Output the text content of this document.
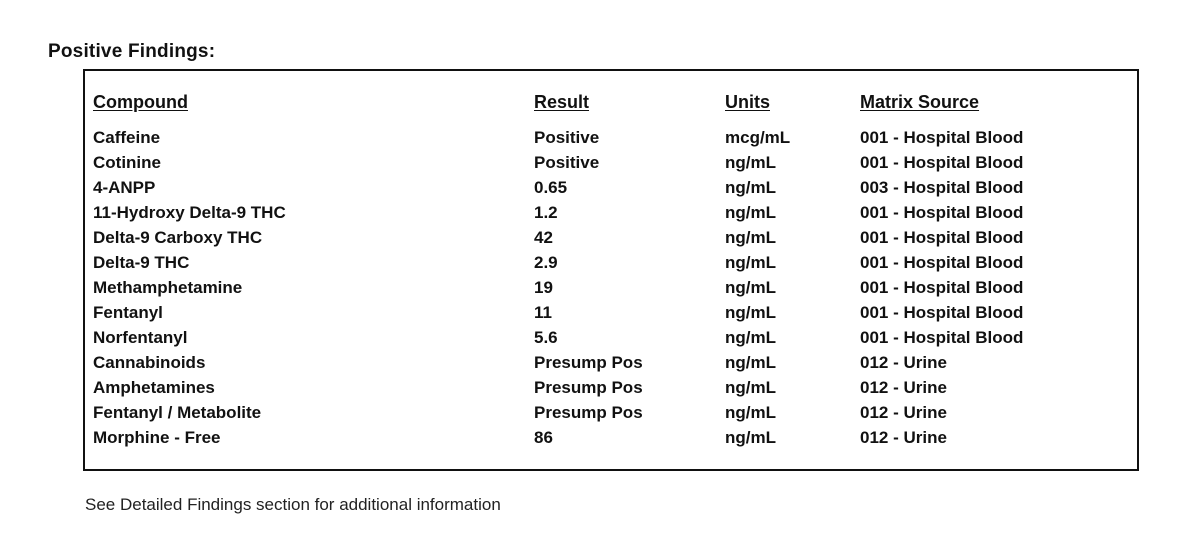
Positive Findings:
Compound	Result	Units	Matrix Source
Caffeine	Positive	mcg/mL	001 - Hospital Blood
Cotinine	Positive	ng/mL	001 - Hospital Blood
4-ANPP	0.65	ng/mL	003 - Hospital Blood
11-Hydroxy Delta-9 THC	1.2	ng/mL	001 - Hospital Blood
Delta-9 Carboxy THC	42	ng/mL	001 - Hospital Blood
Delta-9 THC	2.9	ng/mL	001 - Hospital Blood
Methamphetamine	19	ng/mL	001 - Hospital Blood
Fentanyl	11	ng/mL	001 - Hospital Blood
Norfentanyl	5.6	ng/mL	001 - Hospital Blood
Cannabinoids	Presump Pos	ng/mL	012 - Urine
Amphetamines	Presump Pos	ng/mL	012 - Urine
Fentanyl / Metabolite	Presump Pos	ng/mL	012 - Urine
Morphine - Free	86	ng/mL	012 - Urine
See Detailed Findings section for additional information
